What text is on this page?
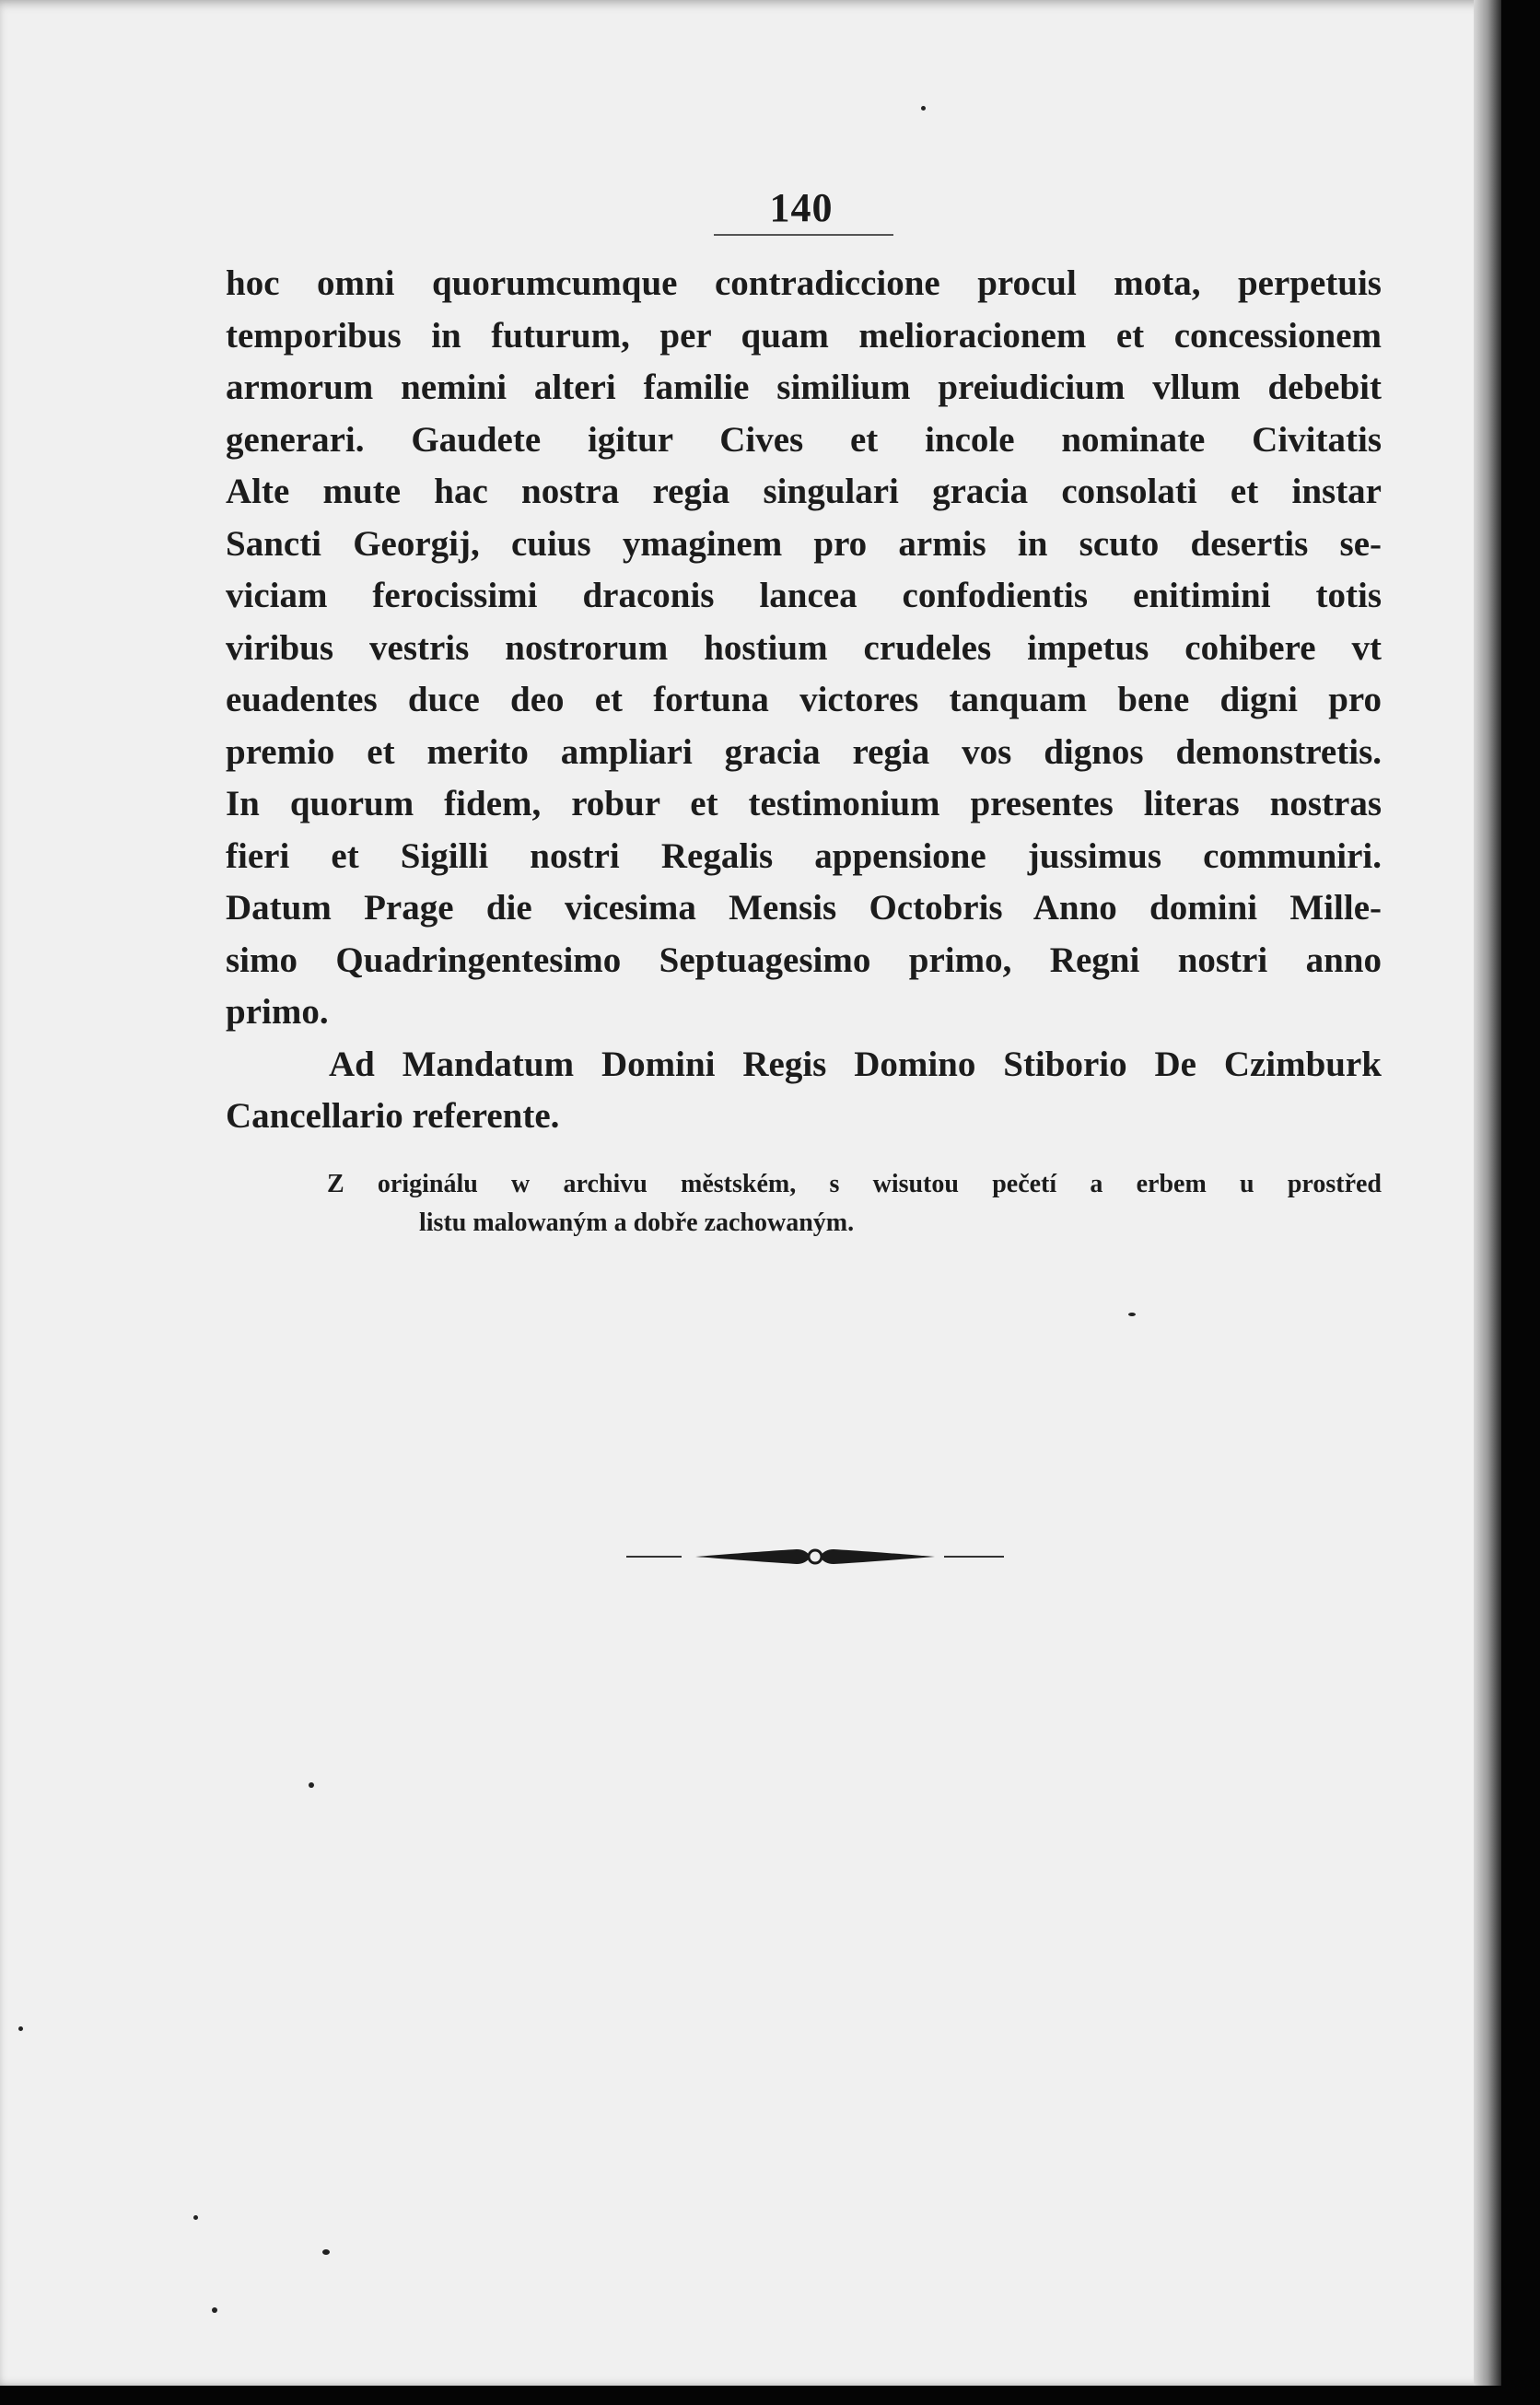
140

hoc omni quorumcumque contradiccione procul mota, perpetuis

temporibus in futurum, per quam melioracionem et concessionem

armorum nemini alteri familie similium preiudicium vllum debebit

generari. Gaudete igitur Cives et incole nominate Civitatis

Alte mute hac nostra regia singulari gracia consolati et instar

Sancti Georgij, cuius ymaginem pro armis in scuto desertis se-

viciam ferocissimi draconis lancea confodientis enitimini totis

viribus vestris nostrorum hostium crudeles impetus cohibere vt

euadentes duce deo et fortuna victores tanquam bene digni pro

premio et merito ampliari gracia regia vos dignos demonstretis.

In quorum fidem, robur et testimonium presentes literas nostras

fieri et Sigilli nostri Regalis appensione jussimus communiri.

Datum Prage die vicesima Mensis Octobris Anno domini Mille-

simo Quadringentesimo Septuagesimo primo, Regni nostri anno

primo.

Ad Mandatum Domini Regis Domino Stiborio De Czimburk

Cancellario referente.

Z originálu w archivu městském, s wisutou pečetí a erbem u prostřed

listu malowaným a dobře zachowaným.
